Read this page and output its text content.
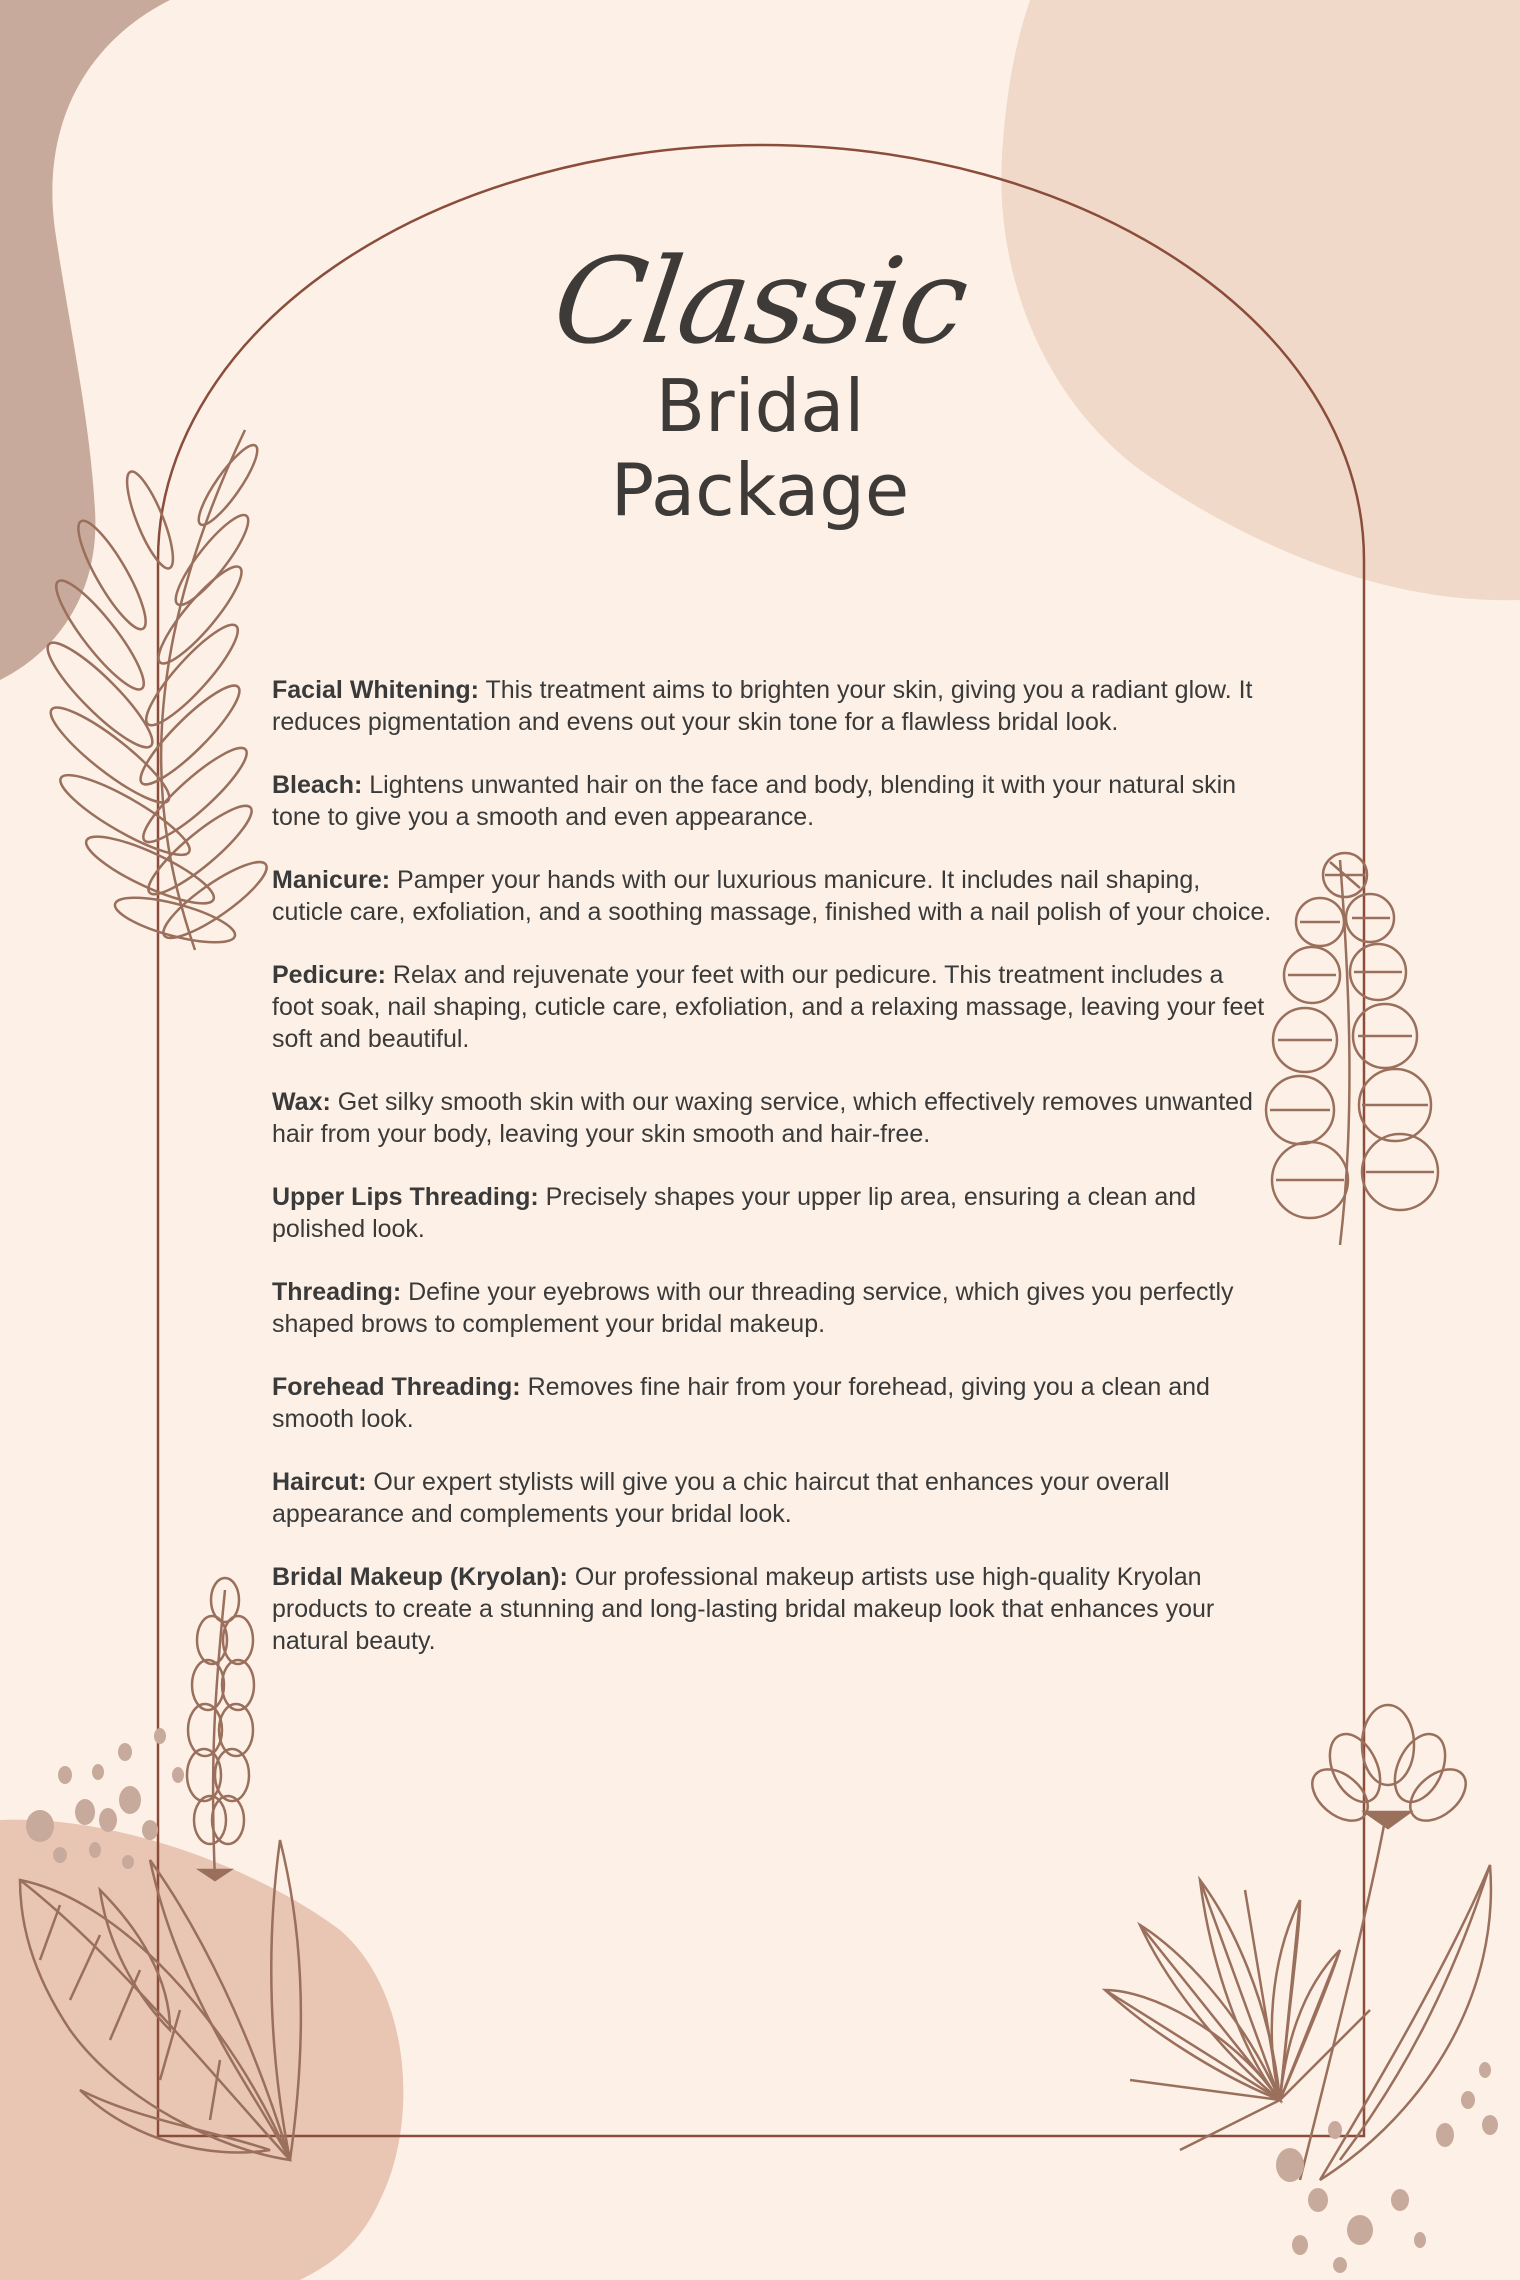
Classic
Bridal
Package

Facial Whitening: This treatment aims to brighten your skin, giving you a radiant glow. It reduces pigmentation and evens out your skin tone for a flawless bridal look.

Bleach: Lightens unwanted hair on the face and body, blending it with your natural skin tone to give you a smooth and even appearance.

Manicure: Pamper your hands with our luxurious manicure. It includes nail shaping, cuticle care, exfoliation, and a soothing massage, finished with a nail polish of your choice.

Pedicure: Relax and rejuvenate your feet with our pedicure. This treatment includes a foot soak, nail shaping, cuticle care, exfoliation, and a relaxing massage, leaving your feet soft and beautiful.

Wax: Get silky smooth skin with our waxing service, which effectively removes unwanted hair from your body, leaving your skin smooth and hair-free.

Upper Lips Threading: Precisely shapes your upper lip area, ensuring a clean and polished look.

Threading: Define your eyebrows with our threading service, which gives you perfectly shaped brows to complement your bridal makeup.

Forehead Threading: Removes fine hair from your forehead, giving you a clean and smooth look.

Haircut: Our expert stylists will give you a chic haircut that enhances your overall appearance and complements your bridal look.

Bridal Makeup (Kryolan): Our professional makeup artists use high-quality Kryolan products to create a stunning and long-lasting bridal makeup look that enhances your natural beauty.
